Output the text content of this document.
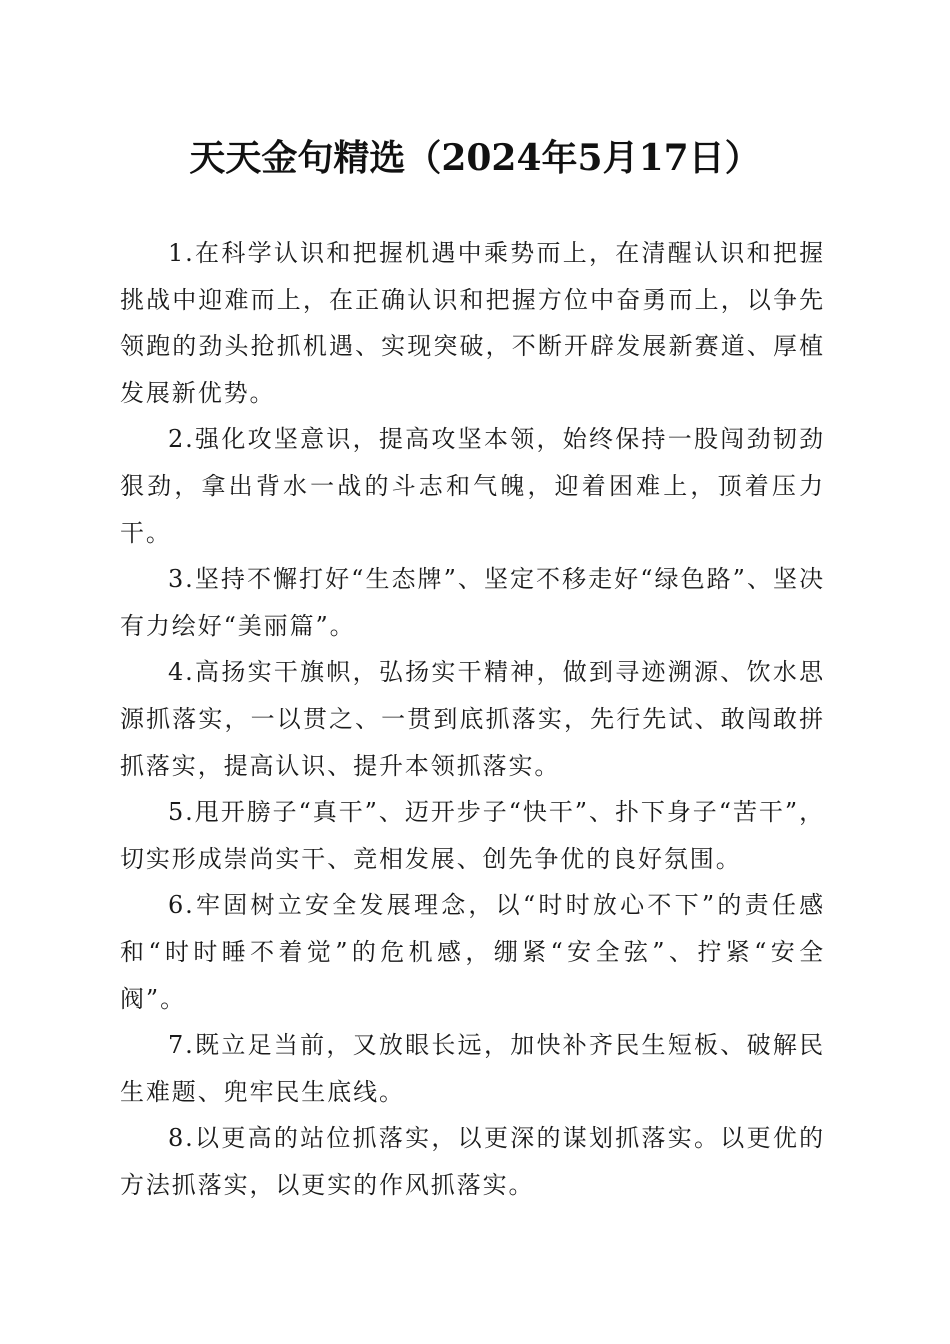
天天金句精选（2024年5月17日）

1.在科学认识和把握机遇中乘势而上，在清醒认识和把握挑战中迎难而上，在正确认识和把握方位中奋勇而上，以争先领跑的劲头抢抓机遇、实现突破，不断开辟发展新赛道、厚植发展新优势。

2.强化攻坚意识，提高攻坚本领，始终保持一股闯劲韧劲狠劲，拿出背水一战的斗志和气魄，迎着困难上，顶着压力干。

3.坚持不懈打好“生态牌”、坚定不移走好“绿色路”、坚决有力绘好“美丽篇”。

4.高扬实干旗帜，弘扬实干精神，做到寻迹溯源、饮水思源抓落实，一以贯之、一贯到底抓落实，先行先试、敢闯敢拼抓落实，提高认识、提升本领抓落实。

5.甩开膀子“真干”、迈开步子“快干”、扑下身子“苦干”，切实形成崇尚实干、竞相发展、创先争优的良好氛围。

6.牢固树立安全发展理念，以“时时放心不下”的责任感和“时时睡不着觉”的危机感，绷紧“安全弦”、拧紧“安全阀”。

7.既立足当前，又放眼长远，加快补齐民生短板、破解民生难题、兜牢民生底线。

8.以更高的站位抓落实，以更深的谋划抓落实。以更优的方法抓落实，以更实的作风抓落实。
